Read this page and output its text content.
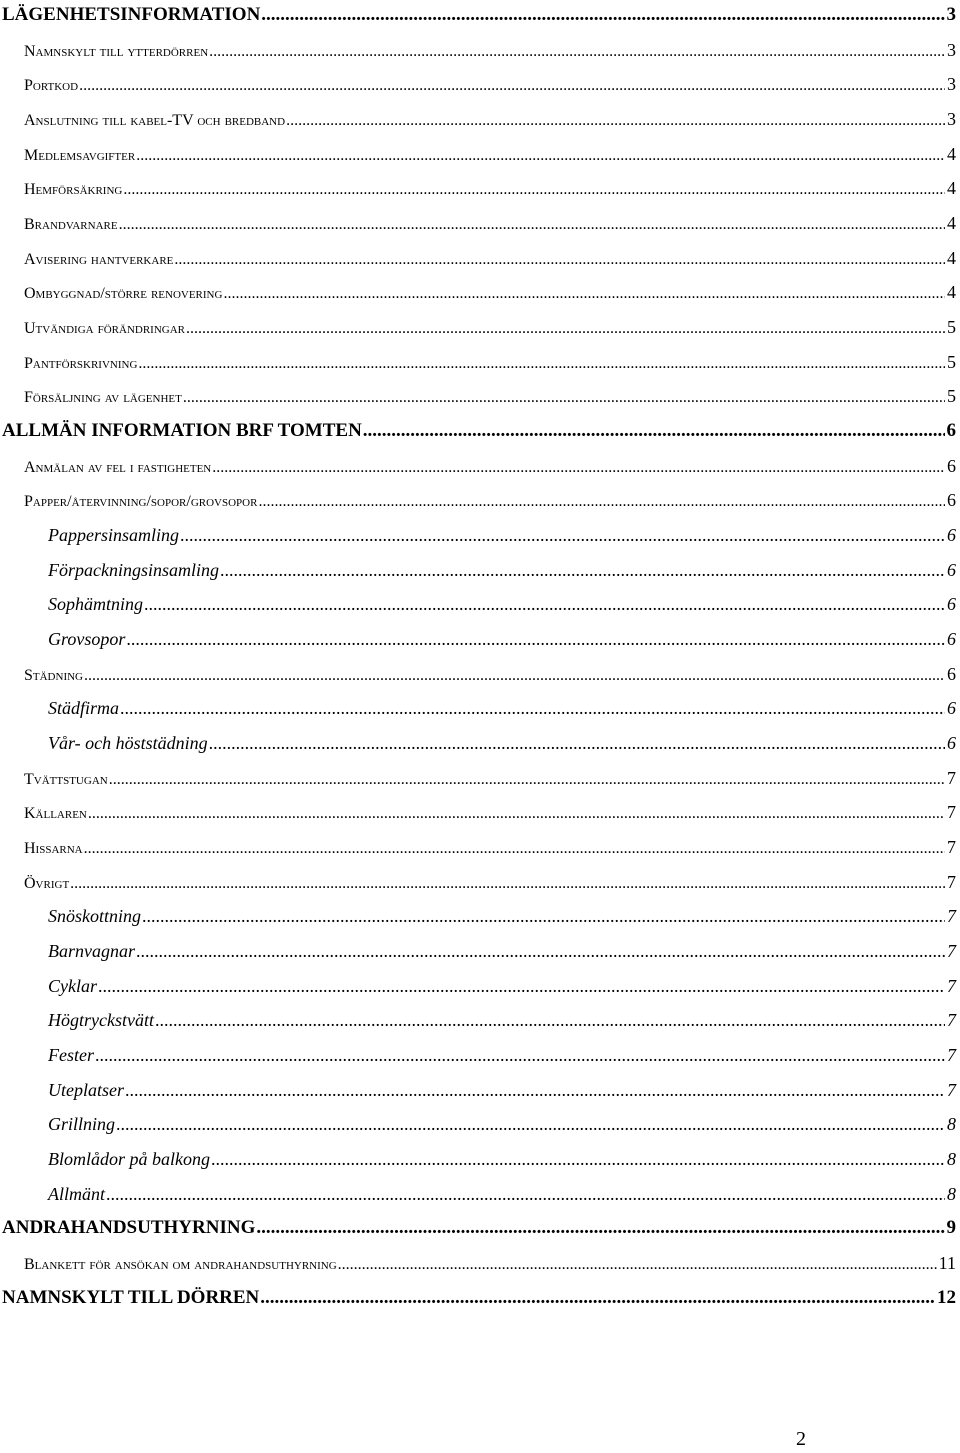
LÄGENHETSINFORMATION .....	3
Namnskylt till ytterdörren .....	3
Portkod .....	3
Anslutning till kabel-TV och bredband .....	3
Medlemsavgifter .....	4
Hemförsäkring .....	4
Brandvarnare .....	4
Avisering hantverkare .....	4
Ombyggnad/större renovering .....	4
Utvändiga förändringar .....	5
Pantförskrivning .....	5
Försäljning av lägenhet .....	5
ALLMÄN INFORMATION BRF TOMTEN .....	6
Anmälan av fel i fastigheten .....	6
Papper/återvinning/sopor/grovsopor .....	6
Pappersinsamling .....	6
Förpackningsinsamling .....	6
Sophämtning .....	6
Grovsopor .....	6
Städning .....	6
Städfirma .....	6
Vår- och höststädning .....	6
Tvättstugan .....	7
Källaren .....	7
Hissarna .....	7
Övrigt .....	7
Snöskottning .....	7
Barnvagnar .....	7
Cyklar .....	7
Högtryckstvätt .....	7
Fester .....	7
Uteplatser .....	7
Grillning .....	8
Blomlådor på balkong .....	8
Allmänt .....	8
ANDRAHANDSUTHYRNING .....	9
Blankett för ansökan om andrahandsuthyrning .....	11
NAMNSKYLT TILL DÖRREN .....	12
2
